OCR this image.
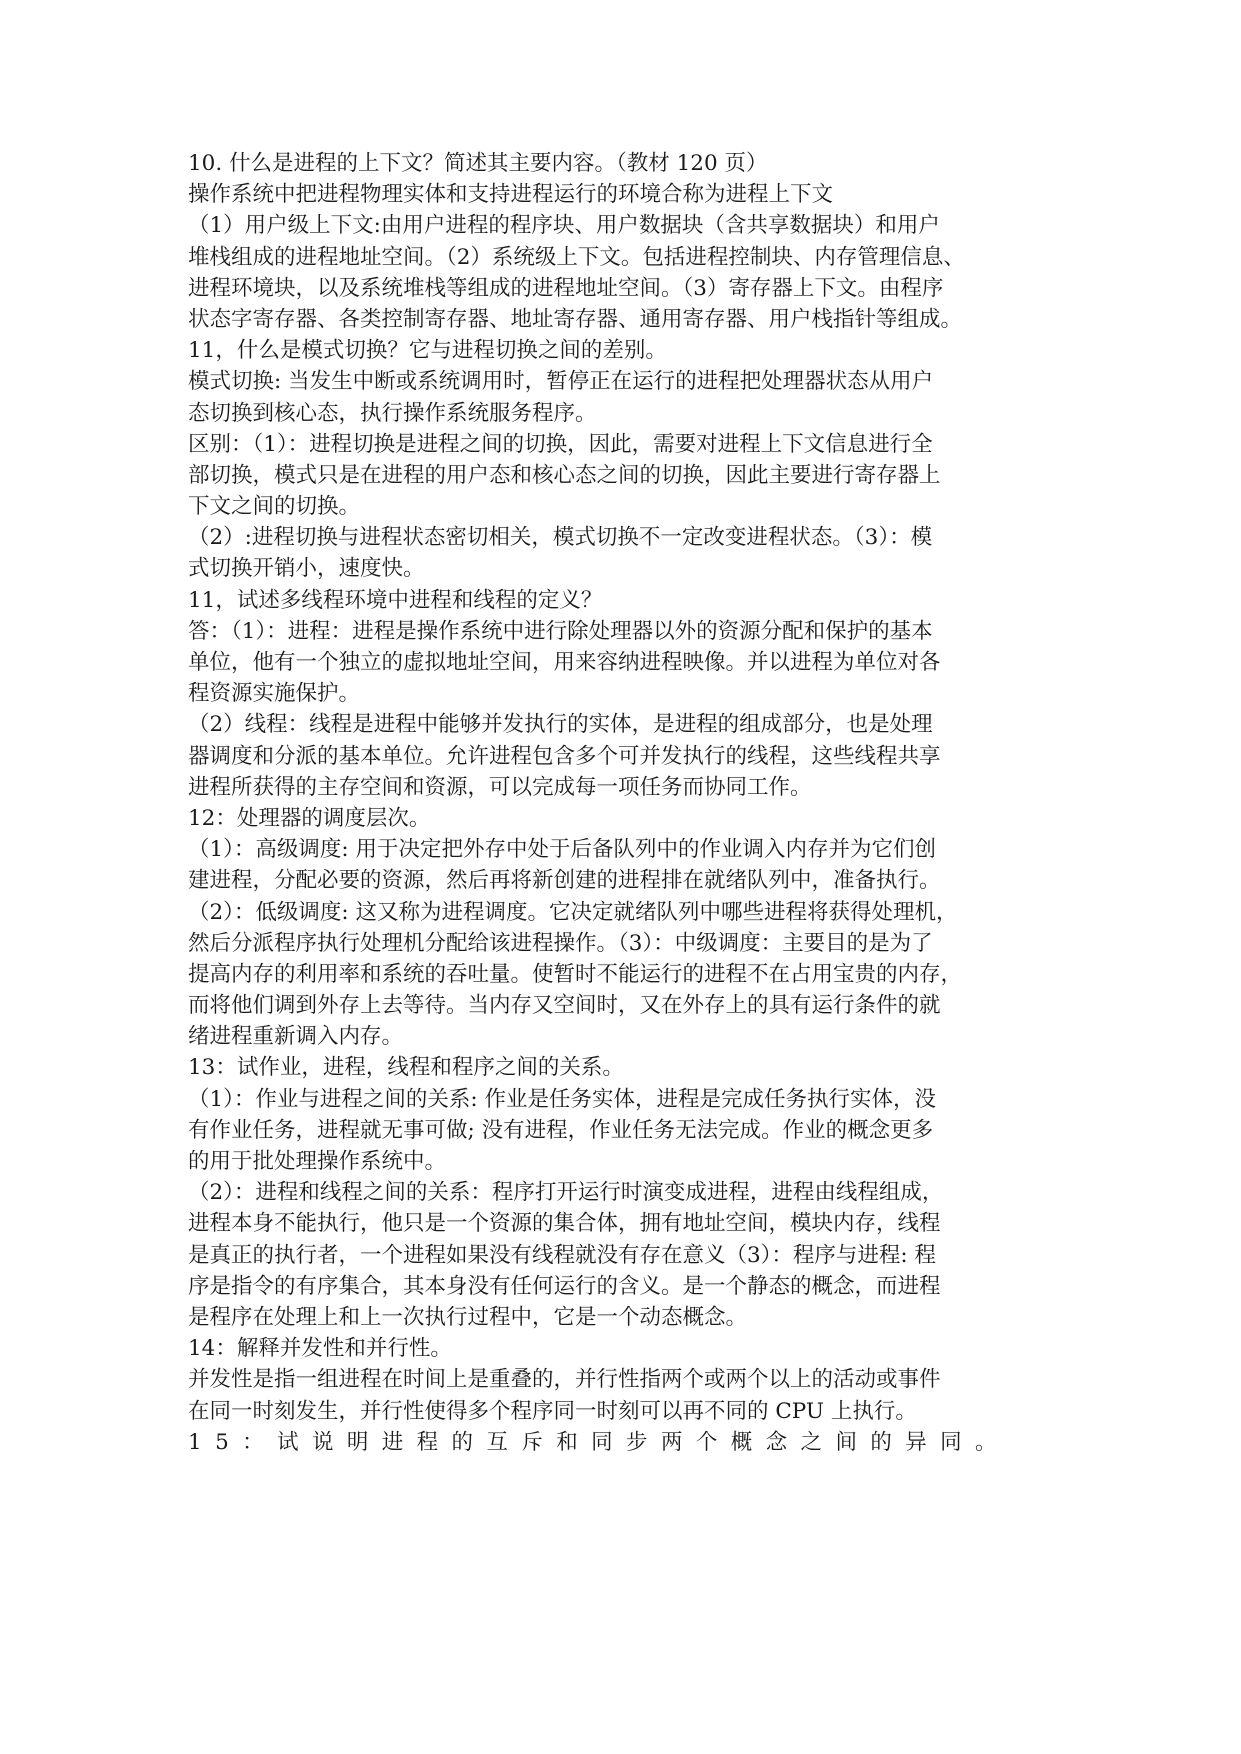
10. 什么是进程的上下文？简述其主要内容。（教材 120 页）
操作系统中把进程物理实体和支持进程运行的环境合称为进程上下文
（1）用户级上下文:由用户进程的程序块、用户数据块（含共享数据块）和用户
堆栈组成的进程地址空间。（2）系统级上下文。包括进程控制块、内存管理信息、
进程环境块，以及系统堆栈等组成的进程地址空间。（3）寄存器上下文。由程序
状态字寄存器、各类控制寄存器、地址寄存器、通用寄存器、用户栈指针等组成。
11，什么是模式切换？它与进程切换之间的差别。
模式切换: 当发生中断或系统调用时，暂停正在运行的进程把处理器状态从用户
态切换到核心态，执行操作系统服务程序。
区别：（1）：进程切换是进程之间的切换，因此，需要对进程上下文信息进行全
部切换，模式只是在进程的用户态和核心态之间的切换，因此主要进行寄存器上
下文之间的切换。
（2）:进程切换与进程状态密切相关，模式切换不一定改变进程状态。（3）：模
式切换开销小，速度快。
11，试述多线程环境中进程和线程的定义？
答：（1）：进程：进程是操作系统中进行除处理器以外的资源分配和保护的基本
单位，他有一个独立的虚拟地址空间，用来容纳进程映像。并以进程为单位对各
程资源实施保护。
（2）线程：线程是进程中能够并发执行的实体，是进程的组成部分，也是处理
器调度和分派的基本单位。允许进程包含多个可并发执行的线程，这些线程共享
进程所获得的主存空间和资源，可以完成每一项任务而协同工作。
12：处理器的调度层次。
（1）：高级调度: 用于决定把外存中处于后备队列中的作业调入内存并为它们创
建进程，分配必要的资源，然后再将新创建的进程排在就绪队列中，准备执行。
（2）：低级调度: 这又称为进程调度。它决定就绪队列中哪些进程将获得处理机，
然后分派程序执行处理机分配给该进程操作。（3）：中级调度：主要目的是为了
提高内存的利用率和系统的吞吐量。使暂时不能运行的进程不在占用宝贵的内存，
而将他们调到外存上去等待。当内存又空间时，又在外存上的具有运行条件的就
绪进程重新调入内存。
13：试作业，进程，线程和程序之间的关系。
（1）：作业与进程之间的关系: 作业是任务实体，进程是完成任务执行实体，没
有作业任务，进程就无事可做; 没有进程，作业任务无法完成。作业的概念更多
的用于批处理操作系统中。
（2）：进程和线程之间的关系：程序打开运行时演变成进程，进程由线程组成，
进程本身不能执行，他只是一个资源的集合体，拥有地址空间，模块内存，线程
是真正的执行者，一个进程如果没有线程就没有存在意义（3）：程序与进程: 程
序是指令的有序集合，其本身没有任何运行的含义。是一个静态的概念，而进程
是程序在处理上和上一次执行过程中，它是一个动态概念。
14：解释并发性和并行性。
并发性是指一组进程在时间上是重叠的，并行性指两个或两个以上的活动或事件
在同一时刻发生，并行性使得多个程序同一时刻可以再不同的 CPU 上执行。
15：试说明进程的互斥和同步两个概念之间的异同。
